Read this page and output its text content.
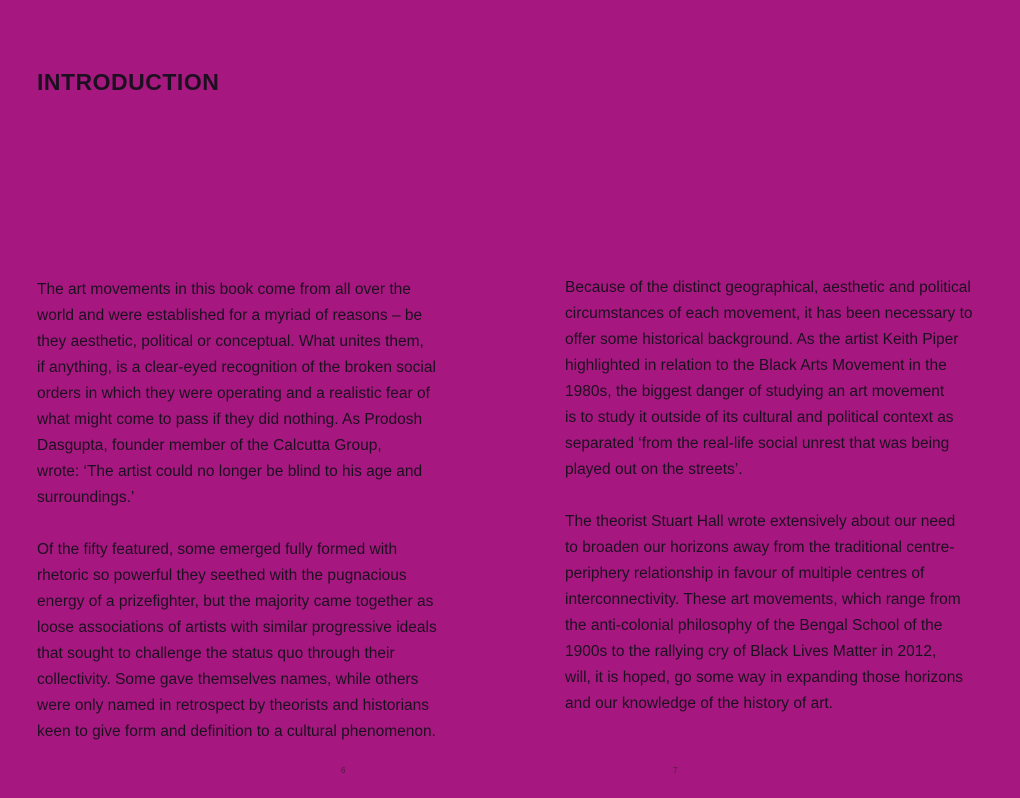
INTRODUCTION

The art movements in this book come from all over the
world and were established for a myriad of reasons – be
they aesthetic, political or conceptual. What unites them,
if anything, is a clear-eyed recognition of the broken social
orders in which they were operating and a realistic fear of
what might come to pass if they did nothing. As Prodosh
Dasgupta, founder member of the Calcutta Group,
wrote: ‘The artist could no longer be blind to his age and
surroundings.’

Of the fifty featured, some emerged fully formed with
rhetoric so powerful they seethed with the pugnacious
energy of a prizefighter, but the majority came together as
loose associations of artists with similar progressive ideals
that sought to challenge the status quo through their
collectivity. Some gave themselves names, while others
were only named in retrospect by theorists and historians
keen to give form and definition to a cultural phenomenon.

Because of the distinct geographical, aesthetic and political
circumstances of each movement, it has been necessary to
offer some historical background. As the artist Keith Piper
highlighted in relation to the Black Arts Movement in the
1980s, the biggest danger of studying an art movement
is to study it outside of its cultural and political context as
separated ‘from the real-life social unrest that was being
played out on the streets’.

The theorist Stuart Hall wrote extensively about our need
to broaden our horizons away from the traditional centre-
periphery relationship in favour of multiple centres of
interconnectivity. These art movements, which range from
the anti-colonial philosophy of the Bengal School of the
1900s to the rallying cry of Black Lives Matter in 2012,
will, it is hoped, go some way in expanding those horizons
and our knowledge of the history of art.

6	7
